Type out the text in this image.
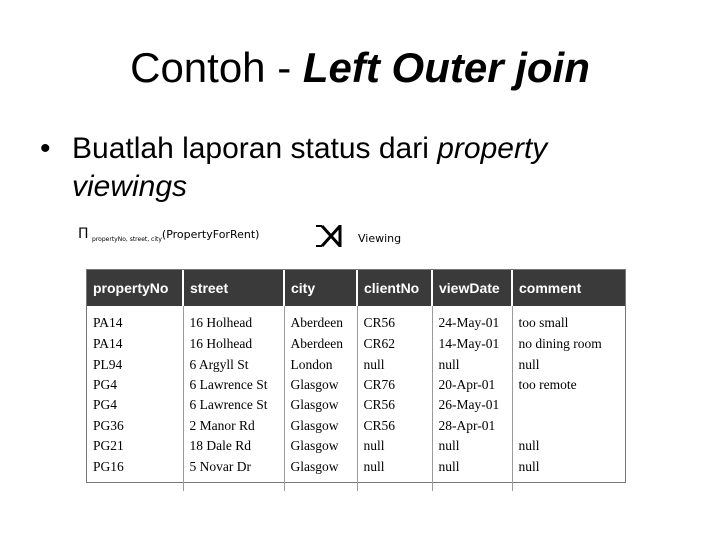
Contoh - Left Outer join
• Buatlah laporan status dari property viewings
Π $_{propertyNo, street, city}$(PropertyForRent)	Viewing
propertyNo	street	city	clientNo	viewDate	comment
PA14	16 Holhead	Aberdeen	CR56	24-May-01	too small
PA14	16 Holhead	Aberdeen	CR62	14-May-01	no dining room
PL94	6 Argyll St	London	null	null	null
PG4	6 Lawrence St	Glasgow	CR76	20-Apr-01	too remote
PG4	6 Lawrence St	Glasgow	CR56	26-May-01	
PG36	2 Manor Rd	Glasgow	CR56	28-Apr-01	
PG21	18 Dale Rd	Glasgow	null	null	null
PG16	5 Novar Dr	Glasgow	null	null	null
